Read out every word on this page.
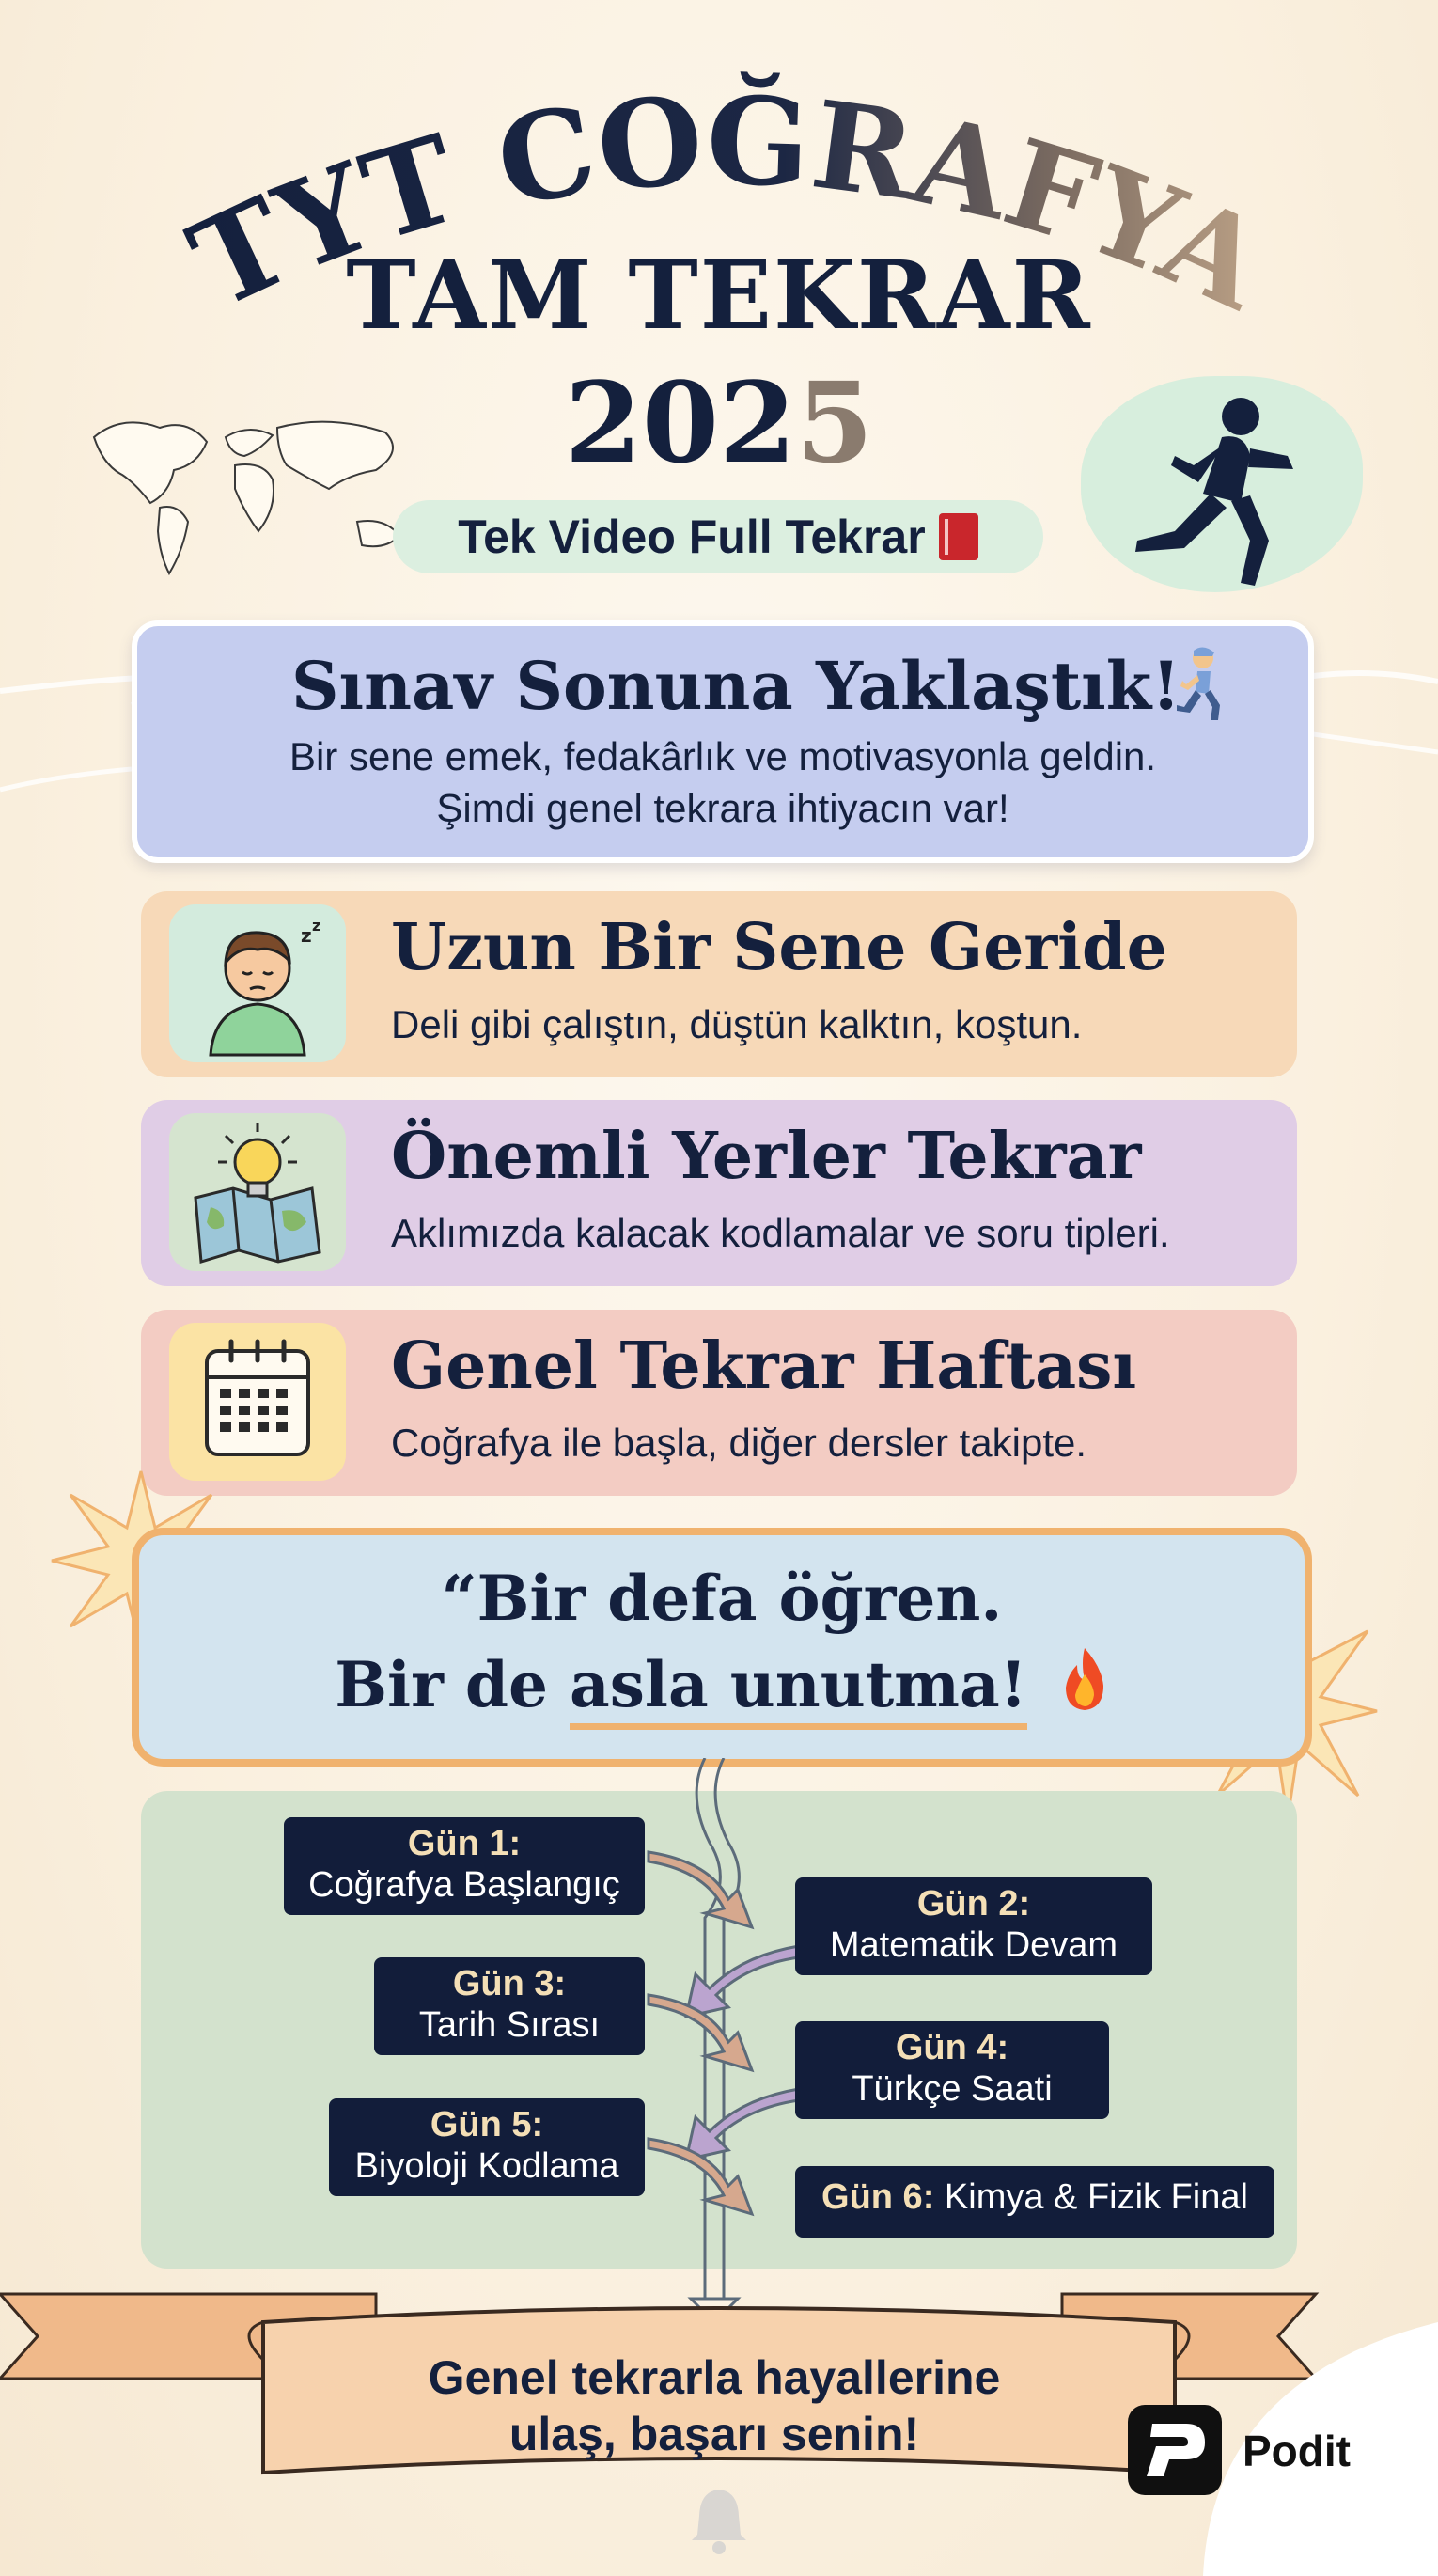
TYT COĞRAFYA
TAM TEKRAR
2025
Tek Video Full Tekrar
Sınav Sonuna Yaklaştık!
Bir sene emek, fedakârlık ve motivasyonla geldin.
Şimdi genel tekrara ihtiyacın var!
z z Uzun Bir Sene Geride
Deli gibi çalıştın, düştün kalktın, koştun.
Önemli Yerler Tekrar
Aklımızda kalacak kodlamalar ve soru tipleri.
Genel Tekrar Haftası
Coğrafya ile başla, diğer dersler takipte.
“Bir defa öğren.
Bir de asla unutma!
Gün 1:
Coğrafya Başlangıç	Gün 2:
Matematik Devam
Gün 3:
Tarih Sırası
Gün 4:
Türkçe Saati
Gün 5:
Biyoloji Kodlama
Gün 6: Kimya & Fizik Final
Genel tekrarla hayallerine
ulaş, başarı senin!	Podit
